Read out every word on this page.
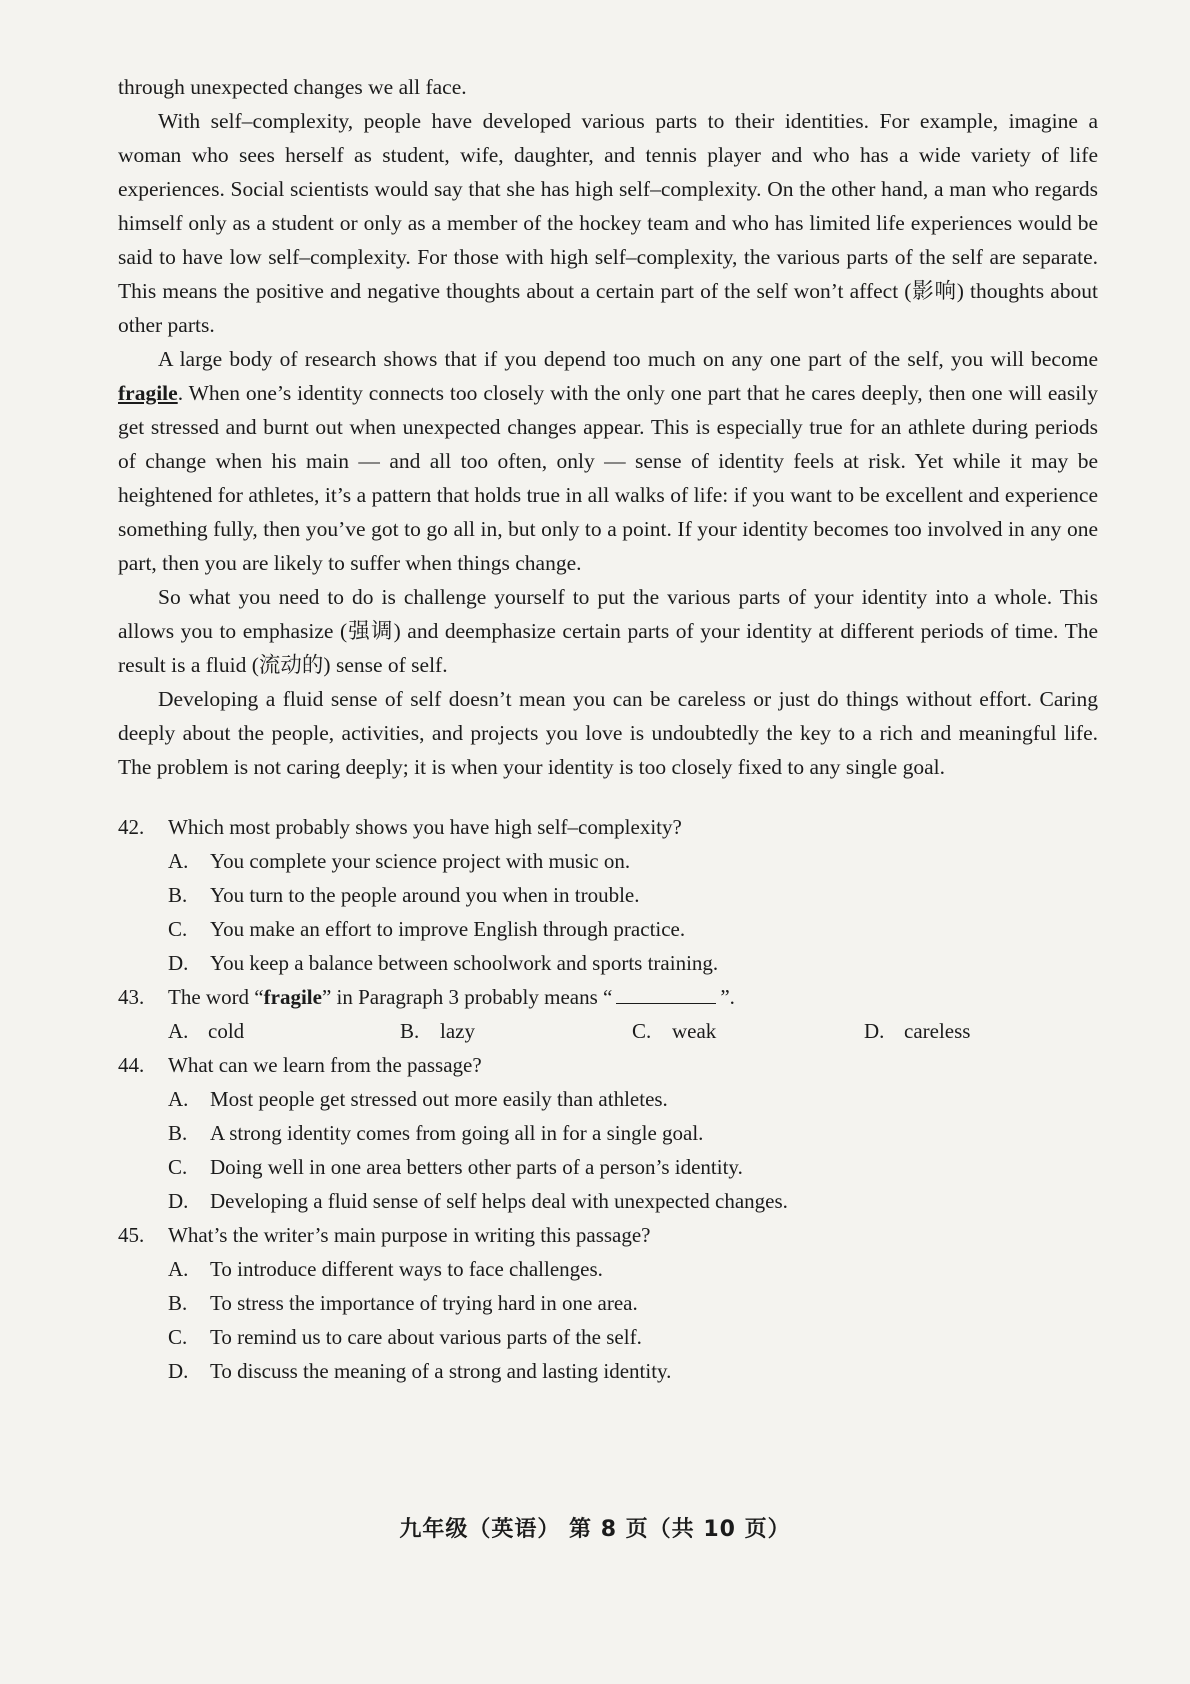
through unexpected changes we all face.

With self–complexity, people have developed various parts to their identities. For example, imagine a woman who sees herself as student, wife, daughter, and tennis player and who has a wide variety of life experiences. Social scientists would say that she has high self–complexity. On the other hand, a man who regards himself only as a student or only as a member of the hockey team and who has limited life experiences would be said to have low self–complexity. For those with high self–complexity, the various parts of the self are separate. This means the positive and negative thoughts about a certain part of the self won’t affect (影响) thoughts about other parts.

A large body of research shows that if you depend too much on any one part of the self, you will become fragile. When one’s identity connects too closely with the only one part that he cares deeply, then one will easily get stressed and burnt out when unexpected changes appear. This is especially true for an athlete during periods of change when his main — and all too often, only — sense of identity feels at risk. Yet while it may be heightened for athletes, it’s a pattern that holds true in all walks of life: if you want to be excellent and experience something fully, then you’ve got to go all in, but only to a point. If your identity becomes too involved in any one part, then you are likely to suffer when things change.

So what you need to do is challenge yourself to put the various parts of your identity into a whole. This allows you to emphasize (强调) and deemphasize certain parts of your identity at different periods of time. The result is a fluid (流动的) sense of self.

Developing a fluid sense of self doesn’t mean you can be careless or just do things without effort. Caring deeply about the people, activities, and projects you love is undoubtedly the key to a rich and meaningful life. The problem is not caring deeply; it is when your identity is too closely fixed to any single goal.

42.	Which most probably shows you have high self–complexity?
A.	You complete your science project with music on.
B.	You turn to the people around you when in trouble.
C.	You make an effort to improve English through practice.
D.	You keep a balance between schoolwork and sports training.
43.	The word “fragile” in Paragraph 3 probably means “	”.
A. cold	B. lazy	C. weak	D. careless
44.	What can we learn from the passage?
A.	Most people get stressed out more easily than athletes.
B.	A strong identity comes from going all in for a single goal.
C.	Doing well in one area betters other parts of a person’s identity.
D.	Developing a fluid sense of self helps deal with unexpected changes.
45.	What’s the writer’s main purpose in writing this passage?
A.	To introduce different ways to face challenges.
B.	To stress the importance of trying hard in one area.
C.	To remind us to care about various parts of the self.
D.	To discuss the meaning of a strong and lasting identity.
九年级（英语） 第 8 页（共 10 页）
